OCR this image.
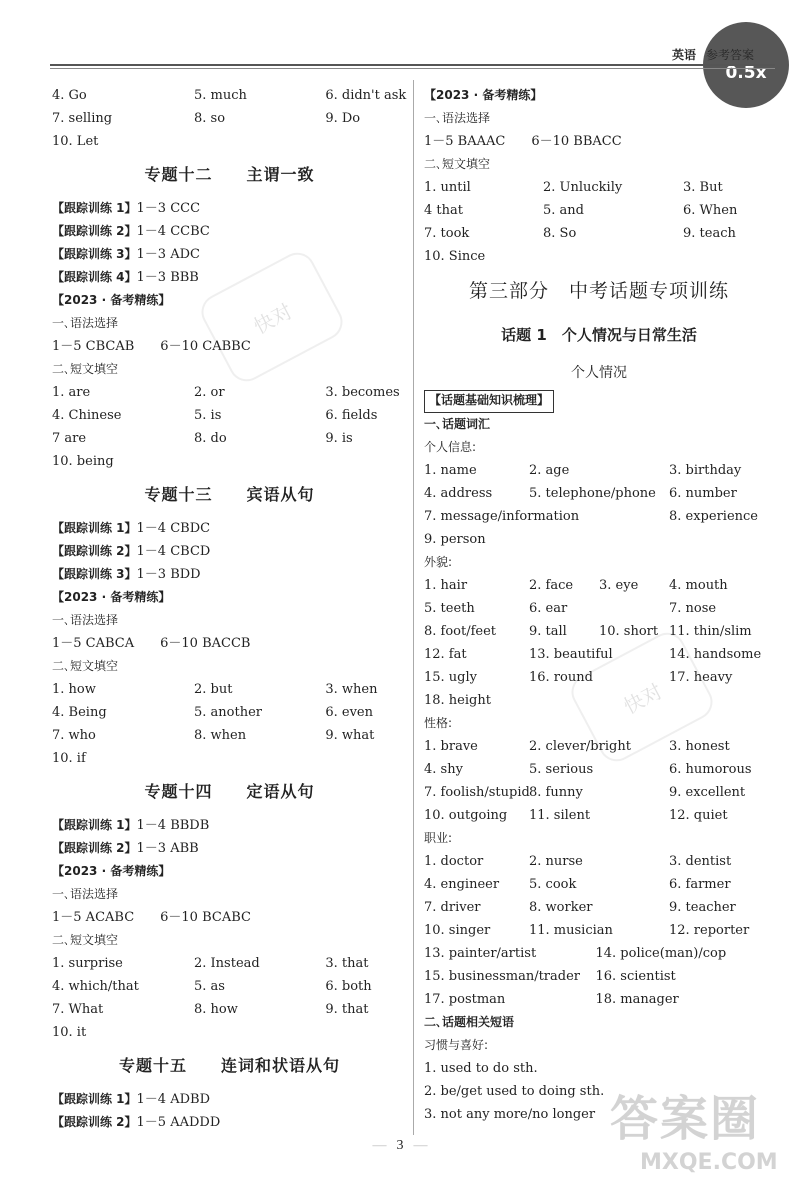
英语
0.5x
快对
快对
4. Go	5. much	6. didn't ask
7. selling	8. so	9. Do
10. Let
专题十二　　主谓一致
【跟踪训练 1】 1－3 CCC
【跟踪训练 2】 1－4 CCBC
【跟踪训练 3】 1－3 ADC
【跟踪训练 4】 1－3 BBB
【2023 · 备考精练】
一､语法选择
1－5 CBCAB　　6－10 CABBC
二､短文填空
1. are	2. or	3. becomes
4. Chinese	5. is	6. fields
7 are	8. do	9. is
10. being
专题十三　　宾语从句
【跟踪训练 1】 1－4 CBDC
【跟踪训练 2】 1－4 CBCD
【跟踪训练 3】 1－3 BDD
【2023 · 备考精练】
一､语法选择
1－5 CABCA　　6－10 BACCB
二､短文填空
1. how	2. but	3. when
4. Being	5. another	6. even
7. who	8. when	9. what
10. if
专题十四　　定语从句
【跟踪训练 1】 1－4 BBDB
【跟踪训练 2】 1－3 ABB
【2023 · 备考精练】
一､语法选择
1－5 ACABC　　6－10 BCABC
二､短文填空
1. surprise	2. Instead	3. that
4. which/that	5. as	6. both
7. What	8. how	9. that
10. it
专题十五　　连词和状语从句
【跟踪训练 1】 1－4 ADBD
【跟踪训练 2】 1－5 AADDD
【2023 · 备考精练】
一､语法选择
1－5 BAAAC　　6－10 BBACC
二､短文填空
1. until	2. Unluckily	3. But
4 that	5. and	6. When
7. took	8. So	9. teach
10. Since
第三部分　中考话题专项训练
话题 1　个人情况与日常生活
个人情况
【话题基础知识梳理】
一､话题词汇
个人信息:
1. name	2. age	3. birthday
4. address	5. telephone/phone	6. number
7. message/information	8. experience
9. person
外貌:
1. hair	2. face	3. eye	4. mouth
5. teeth	6. ear	7. nose
8. foot/feet	9. tall	10. short 11. thin/slim
12. fat	13. beautiful	14. handsome
15. ugly	16. round	17. heavy
18. height
性格:
1. brave	2. clever/bright	3. honest
4. shy	5. serious	6. humorous
7. foolish/stupid 8. funny	9. excellent
10. outgoing	11. silent	12. quiet
职业:
1. doctor	2. nurse	3. dentist
4. engineer	5. cook	6. farmer
7. driver	8. worker	9. teacher
10. singer	11. musician	12. reporter
13. painter/artist	14. police(man)/cop
15. businessman/trader	16. scientist
17. postman	18. manager
二､话题相关短语
习惯与喜好:
1. used to do sth.
2. be/get used to doing sth.
3. not any more/no longer
— 3 —	答案圈
MXQE.COM
